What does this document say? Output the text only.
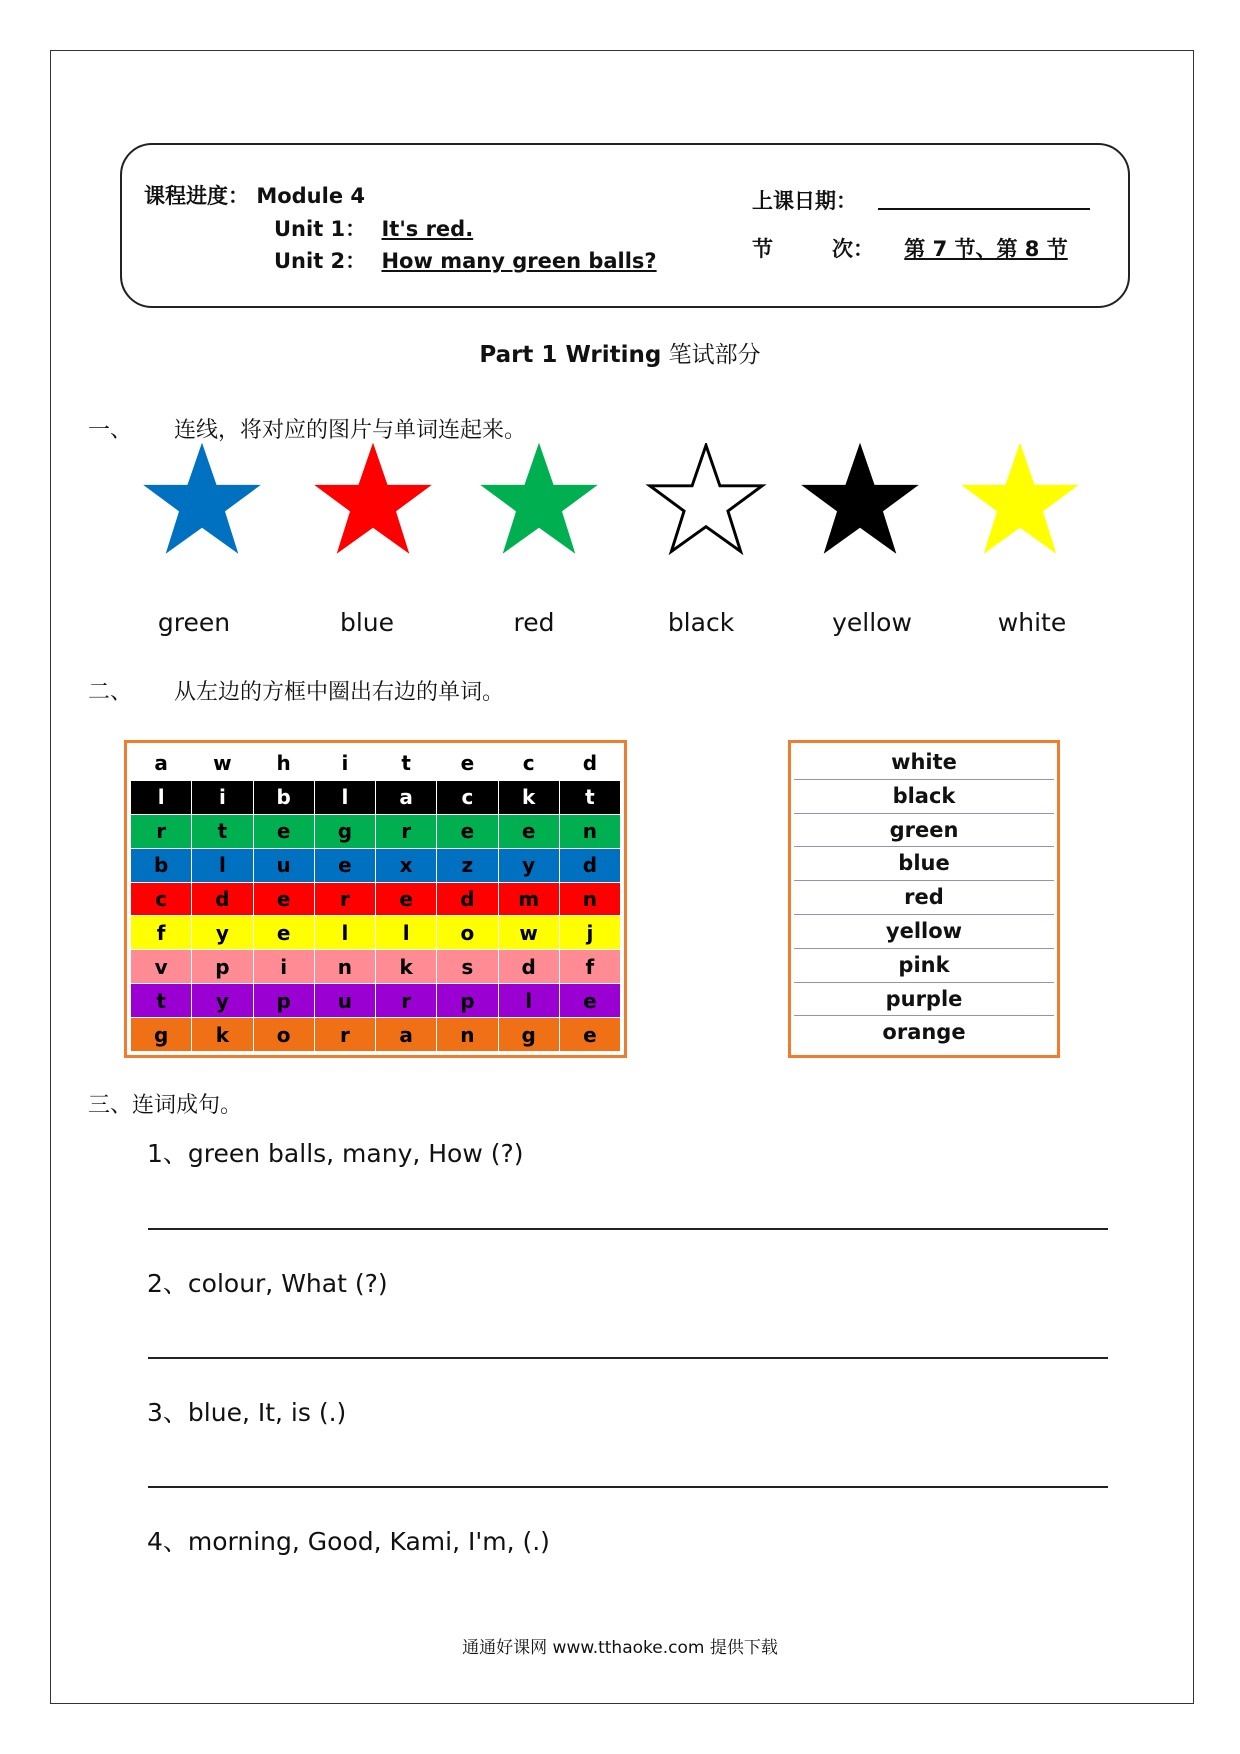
课程进度： Module 4
Unit 1： It's red.
Unit 2： How many green balls?
上课日期：
节	次：	第 7 节、第 8 节
Part 1 Writing 笔试部分
一、 连线，将对应的图片与单词连起来。
green	blue	red	black	yellow	white
二、 从左边的方框中圈出右边的单词。
a	w	h	i	t	e	c	d
l	i	b	l	a	c	k	t
r	t	e	g	r	e	e	n
b	l	u	e	x	z	y	d
c	d	e	r	e	d	m	n
f	y	e	l	l	o	w	j
v	p	i	n	k	s	d	f
t	y	p	u	r	p	l	e
g	k	o	r	a	n	g	e
white
black
green
blue
red
yellow
pink
purple
orange
三、连词成句。
1、green balls, many, How (?)
2、colour, What (?)
3、blue, It, is (.)
4、morning, Good, Kami, I'm, (.)
通通好课网 www.tthaoke.com 提供下载
